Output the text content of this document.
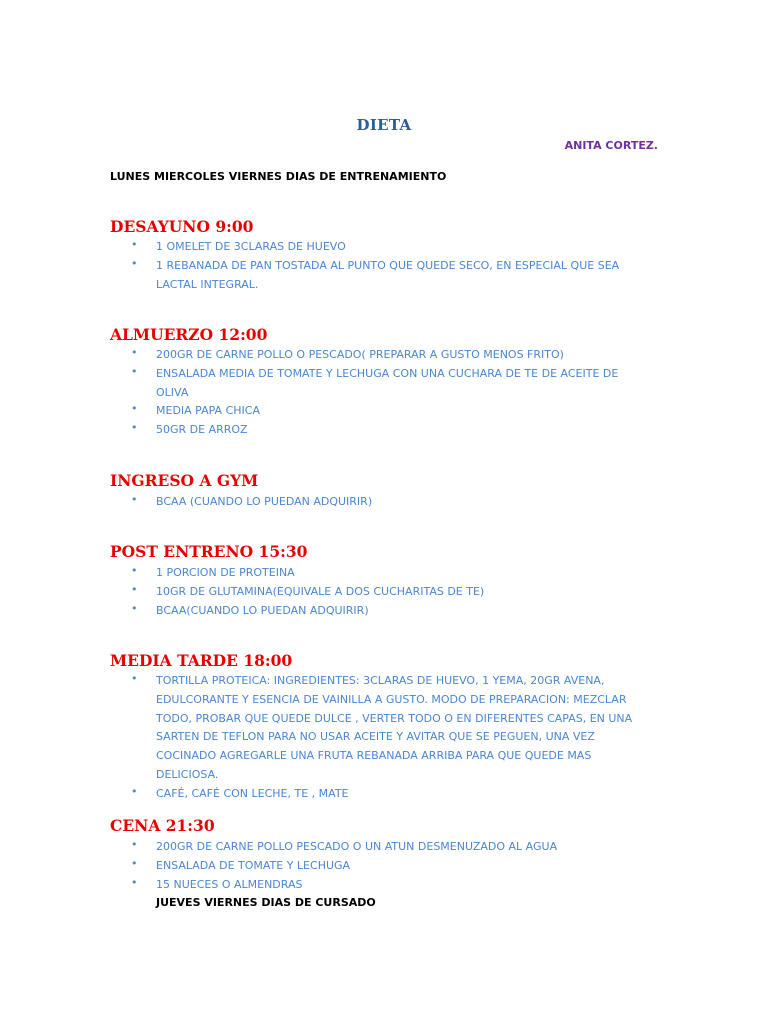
DIETA
ANITA CORTEZ.
LUNES MIERCOLES VIERNES DIAS DE ENTRENAMIENTO
DESAYUNO 9:00
• 1 OMELET DE 3CLARAS DE HUEVO
• 1 REBANADA DE PAN TOSTADA AL PUNTO QUE QUEDE SECO, EN ESPECIAL QUE SEA
LACTAL INTEGRAL.
ALMUERZO 12:00
• 200GR DE CARNE POLLO O PESCADO( PREPARAR A GUSTO MENOS FRITO)
• ENSALADA MEDIA DE TOMATE Y LECHUGA CON UNA CUCHARA DE TE DE ACEITE DE
OLIVA
• MEDIA PAPA CHICA
• 50GR DE ARROZ
INGRESO A GYM
• BCAA (CUANDO LO PUEDAN ADQUIRIR)
POST ENTRENO 15:30
• 1 PORCION DE PROTEINA
• 10GR DE GLUTAMINA(EQUIVALE A DOS CUCHARITAS DE TE)
• BCAA(CUANDO LO PUEDAN ADQUIRIR)
MEDIA TARDE 18:00
• TORTILLA PROTEICA: INGREDIENTES: 3CLARAS DE HUEVO, 1 YEMA, 20GR AVENA,
EDULCORANTE Y ESENCIA DE VAINILLA A GUSTO. MODO DE PREPARACION: MEZCLAR
TODO, PROBAR QUE QUEDE DULCE , VERTER TODO O EN DIFERENTES CAPAS, EN UNA
SARTEN DE TEFLON PARA NO USAR ACEITE Y AVITAR QUE SE PEGUEN, UNA VEZ
COCINADO AGREGARLE UNA FRUTA REBANADA ARRIBA PARA QUE QUEDE MAS
DELICIOSA.
• CAFÉ, CAFÉ CON LECHE, TE , MATE
CENA 21:30
• 200GR DE CARNE POLLO PESCADO O UN ATUN DESMENUZADO AL AGUA
• ENSALADA DE TOMATE Y LECHUGA
• 15 NUECES O ALMENDRAS
JUEVES VIERNES DIAS DE CURSADO
